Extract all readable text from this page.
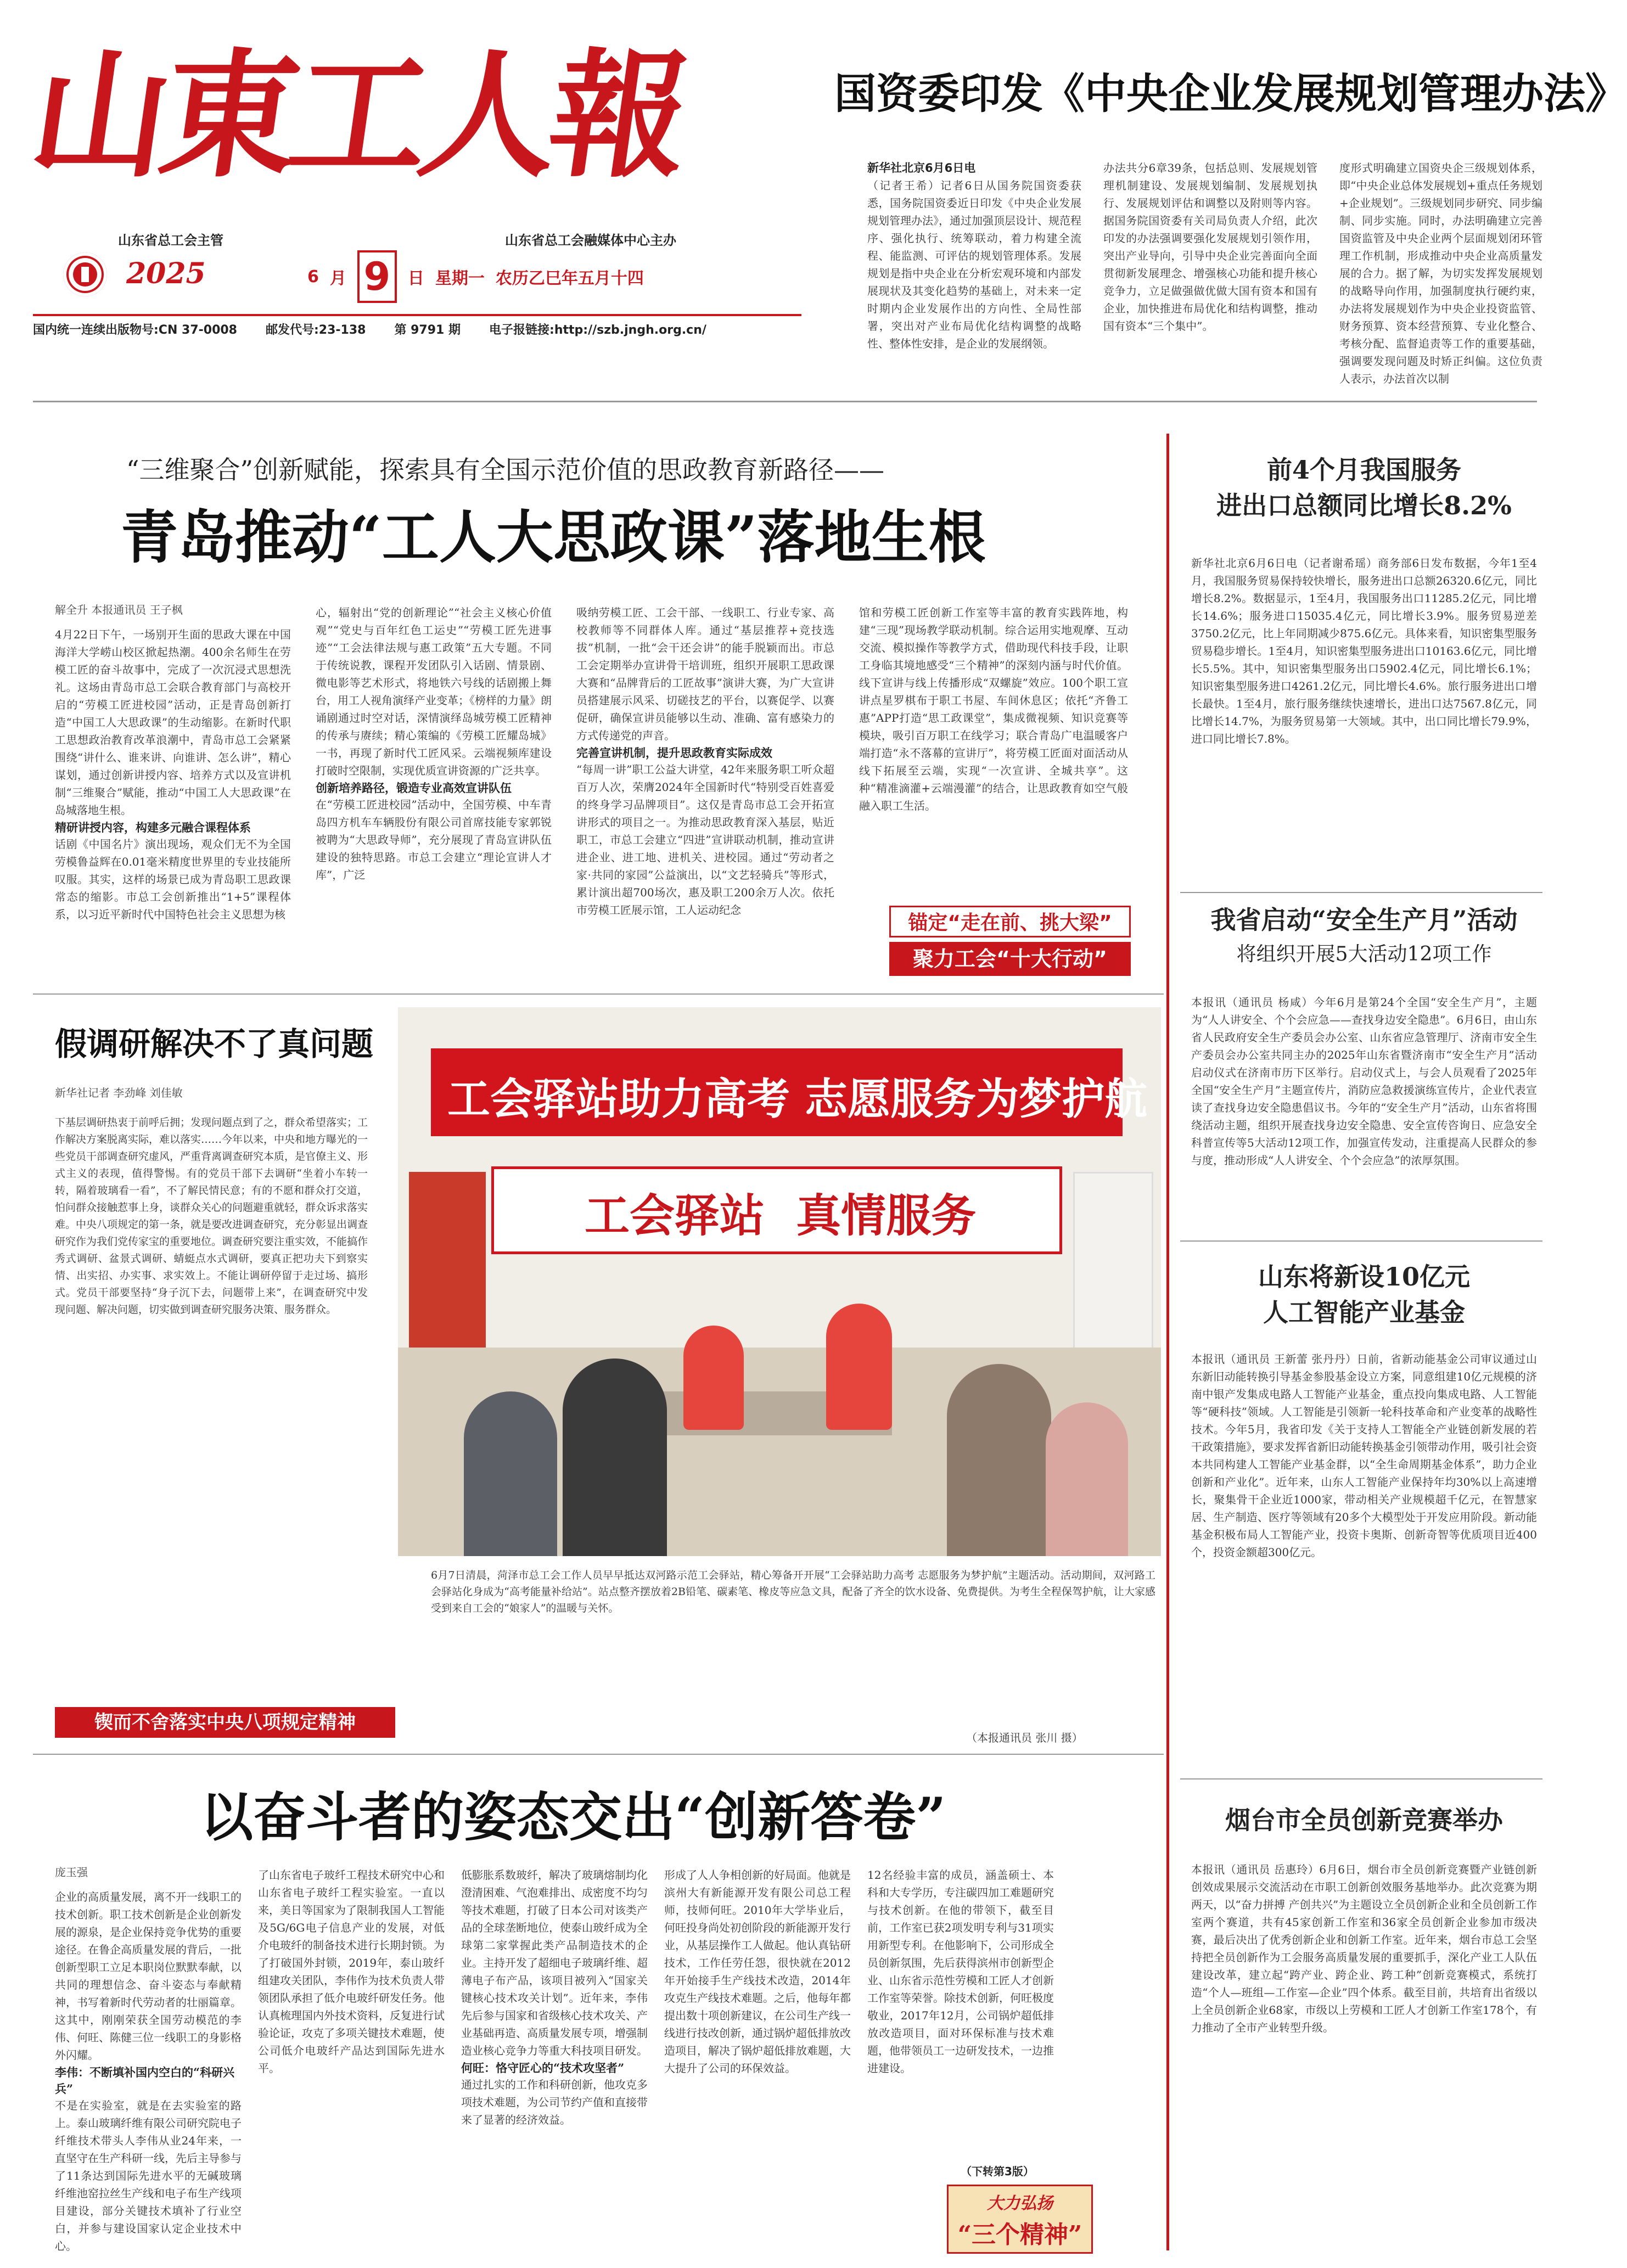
山東工人報
山东省总工会主管	山东省总工会融媒体中心主办
2025	6 月 9	日 星期一 农历乙巳年五月十四
国内统一连续出版物号:CN 37-0008 邮发代号:23-138 第 9791 期 电子报链接:http://szb.jngh.org.cn/
国资委印发《中央企业发展规划管理办法》
新华社北京6月6日电
（记者王希）记者6日从国务院国资委获悉，国务院国资委近日印发《中央企业发展规划管理办法》，通过加强顶层设计、规范程序、强化执行、统筹联动，着力构建全流程、能监测、可评估的规划管理体系。发展规划是指中央企业在分析宏观环境和内部发展现状及其变化趋势的基础上，对未来一定时期内企业发展作出的方向性、全局性部署，突出对产业布局优化结构调整的战略性、整体性安排，是企业的发展纲领。
办法共分6章39条，包括总则、发展规划管理机制建设、发展规划编制、发展规划执行、发展规划评估和调整以及附则等内容。据国务院国资委有关司局负责人介绍，此次印发的办法强调要强化发展规划引领作用，突出产业导向，引导中央企业完善面向全面贯彻新发展理念、增强核心功能和提升核心竞争力，立足做强做优做大国有资本和国有企业，加快推进布局优化和结构调整，推动国有资本“三个集中”。
度形式明确建立国资央企三级规划体系，即“中央企业总体发展规划+重点任务规划+企业规划”。三级规划同步研究、同步编制、同步实施。同时，办法明确建立完善国资监管及中央企业两个层面规划闭环管理工作机制，形成推动中央企业高质量发展的合力。据了解，为切实发挥发展规划的战略导向作用，加强制度执行硬约束，办法将发展规划作为中央企业投资监管、财务预算、资本经营预算、专业化整合、考核分配、监督追责等工作的重要基础，强调要发现问题及时矫正纠偏。这位负责人表示，办法首次以制
“三维聚合”创新赋能，探索具有全国示范价值的思政教育新路径——
青岛推动“工人大思政课”落地生根
解全升 本报通讯员 王子枫
4月22日下午，一场别开生面的思政大课在中国海洋大学崂山校区掀起热潮。400余名师生在劳模工匠的奋斗故事中，完成了一次沉浸式思想洗礼。这场由青岛市总工会联合教育部门与高校开启的“劳模工匠进校园”活动，正是青岛创新打造“中国工人大思政课”的生动缩影。在新时代职工思想政治教育改革浪潮中，青岛市总工会紧紧围绕“讲什么、谁来讲、向谁讲、怎么讲”，精心谋划，通过创新讲授内容、培养方式以及宣讲机制“三维聚合”赋能，推动“中国工人大思政课”在岛城落地生根。
精研讲授内容，构建多元融合课程体系
话剧《中国名片》演出现场，观众们无不为全国劳模鲁益辉在0.01毫米精度世界里的专业技能所叹服。其实，这样的场景已成为青岛职工思政课常态的缩影。市总工会创新推出“1+5”课程体系，以习近平新时代中国特色社会主义思想为核
心，辐射出“党的创新理论”“社会主义核心价值观”“党史与百年红色工运史”“劳模工匠先进事迹”“工会法律法规与惠工政策”五大专题。不同于传统说教，课程开发团队引入话剧、情景剧、微电影等艺术形式，将地铁六号线的话剧搬上舞台，用工人视角演绎产业变革；《榜样的力量》朗诵剧通过时空对话，深情演绎岛城劳模工匠精神的传承与赓续；精心策编的《劳模工匠耀岛城》一书，再现了新时代工匠风采。云端视频库建设打破时空限制，实现优质宣讲资源的广泛共享。
创新培养路径，锻造专业高效宣讲队伍
在“劳模工匠进校园”活动中，全国劳模、中车青岛四方机车车辆股份有限公司首席技能专家郭锐被聘为“大思政导师”，充分展现了青岛宣讲队伍建设的独特思路。市总工会建立“理论宣讲人才库”，广泛
吸纳劳模工匠、工会干部、一线职工、行业专家、高校教师等不同群体人库。通过“基层推荐+竞技选拔”机制，一批“会干还会讲”的能手脱颖而出。市总工会定期举办宣讲骨干培训班，组织开展职工思政课大赛和“品牌背后的工匠故事”演讲大赛，为广大宣讲员搭建展示风采、切磋技艺的平台，以赛促学、以赛促研，确保宣讲员能够以生动、准确、富有感染力的方式传递党的声音。
完善宣讲机制，提升思政教育实际成效
“每周一讲”职工公益大讲堂，42年来服务职工听众超百万人次，荣膺2024年全国新时代“特别受百姓喜爱的终身学习品牌项目”。这仅是青岛市总工会开拓宣讲形式的项目之一。为推动思政教育深入基层，贴近职工，市总工会建立“四进”宣讲联动机制，推动宣讲进企业、进工地、进机关、进校园。通过“劳动者之家·共同的家园”公益演出，以“文艺轻骑兵”等形式，累计演出超700场次，惠及职工200余万人次。依托市劳模工匠展示馆，工人运动纪念
馆和劳模工匠创新工作室等丰富的教育实践阵地，构建“三现”现场教学联动机制。综合运用实地观摩、互动交流、模拟操作等教学方式，借助现代科技手段，让职工身临其境地感受“三个精神”的深刻内涵与时代价值。线下宣讲与线上传播形成“双螺旋”效应。100个职工宣讲点星罗棋布于职工书屋、车间休息区；依托“齐鲁工惠”APP打造“思工政课堂”，集成微视频、知识竞赛等模块，吸引百万职工在线学习；联合青岛广电温暖客户端打造“永不落幕的宣讲厅”，将劳模工匠面对面活动从线下拓展至云端，实现“一次宣讲、全城共享”。这种“精准滴灌+云端漫灌”的结合，让思政教育如空气般融入职工生活。
锚定“走在前、挑大梁”
聚力工会“十大行动”
假调研解决不了真问题
新华社记者 李劲峰 刘佳敏
下基层调研热衷于前呼后拥；发现问题点到了之，群众希望落实；工作解决方案脱离实际，难以落实……今年以来，中央和地方曝光的一些党员干部调查研究虚风，严重背离调查研究本质，是官僚主义、形式主义的表现，值得警惕。有的党员干部下去调研“坐着小车转一转，隔着玻璃看一看”，不了解民情民意；有的不愿和群众打交道，怕问群众接触惹事上身，谈群众关心的问题避重就轻，群众诉求落实难。中央八项规定的第一条，就是要改进调查研究，充分彰显出调查研究作为我们党传家宝的重要地位。调查研究要注重实效，不能搞作秀式调研、盆景式调研、蜻蜓点水式调研，要真正把功夫下到察实情、出实招、办实事、求实效上。不能让调研停留于走过场、搞形式。党员干部要坚持“身子沉下去，问题带上来”，在调查研究中发现问题、解决问题，切实做到调查研究服务决策、服务群众。
锲而不舍落实中央八项规定精神
工会驿站助力高考 志愿服务为梦护航
工会驿站  真情服务
6月7日清晨，菏泽市总工会工作人员早早抵达双河路示范工会驿站，精心筹备开开展“工会驿站助力高考 志愿服务为梦护航”主题活动。活动期间，双河路工会驿站化身成为“高考能量补给站”。站点整齐摆放着2B铅笔、碳素笔、橡皮等应急文具，配备了齐全的饮水设备、免费提供。为考生全程保驾护航，让大家感受到来自工会的“娘家人”的温暖与关怀。
（本报通讯员 张川 摄）
以奋斗者的姿态交出“创新答卷”
庞玉强
企业的高质量发展，离不开一线职工的技术创新。职工技术创新是企业创新发展的源泉，是企业保持竞争优势的重要途径。在鲁企高质量发展的背后，一批创新型职工立足本职岗位默默奉献，以共同的理想信念、奋斗姿态与奉献精神，书写着新时代劳动者的壮丽篇章。这其中，刚刚荣获全国劳动模范的李伟、何旺、陈健三位一线职工的身影格外闪耀。
李伟：不断填补国内空白的“科研兴兵”
不是在实验室，就是在去实验室的路上。泰山玻璃纤维有限公司研究院电子纤维技术带头人李伟从业24年来，一直坚守在生产科研一线，先后主导参与了11条达到国际先进水平的无碱玻璃纤维池窑拉丝生产线和电子布生产线项目建设，部分关键技术填补了行业空白，并参与建设国家认定企业技术中心。
了山东省电子玻纤工程技术研究中心和山东省电子玻纤工程实验室。一直以来，美日等国家为了限制我国人工智能及5G/6G电子信息产业的发展，对低介电玻纤的制备技术进行长期封锁。为了打破国外封锁，2019年，泰山玻纤组建攻关团队，李伟作为技术负责人带领团队承担了低介电玻纤研发任务。他认真梳理国内外技术资料，反复进行试验论证，攻克了多项关键技术难题，使公司低介电玻纤产品达到国际先进水平。
低膨胀系数玻纤，解决了玻璃熔制均化澄清困难、气泡难排出、成密度不均匀等技术难题，打破了日本公司对该类产品的全球垄断地位，使泰山玻纤成为全球第二家掌握此类产品制造技术的企业。主持开发了超细电子玻璃纤维、超薄电子布产品，该项目被列入“国家关键核心技术攻关计划”。近年来，李伟先后参与国家和省级核心技术攻关、产业基础再造、高质量发展专项，增强制造业核心竞争力等重大科技项目研发。
何旺：恪守匠心的“技术攻坚者”
通过扎实的工作和科研创新，他攻克多项技术难题，为公司节约产值和直接带来了显著的经济效益。
形成了人人争相创新的好局面。他就是滨州大有新能源开发有限公司总工程师，技师何旺。2010年大学毕业后，何旺投身尚处初创阶段的新能源开发行业，从基层操作工人做起。他认真钻研技术，工作任劳任怨，很快就在2012年开始接手生产线技术改造，2014年攻克生产线技术难题。之后，他每年都提出数十项创新建议，在公司生产线一线进行技改创新，通过锅炉超低排放改造项目，解决了锅炉超低排放难题，大大提升了公司的环保效益。
12名经验丰富的成员，涵盖硕士、本科和大专学历，专注碳四加工难题研究与技术创新。在他的带领下，截至目前，工作室已获2项发明专利与31项实用新型专利。在他影响下，公司形成全员创新氛围，先后获得滨州市创新型企业、山东省示范性劳模和工匠人才创新工作室等荣誉。除技术创新，何旺极度敬业，2017年12月，公司锅炉超低排放改造项目，面对环保标准与技术难题，他带领员工一边研发技术，一边推进建设。
（下转第3版）
大力弘扬
“三个精神”
前4个月我国服务
进出口总额同比增长8.2%
新华社北京6月6日电（记者谢希瑶）商务部6日发布数据，今年1至4月，我国服务贸易保持较快增长，服务进出口总额26320.6亿元，同比增长8.2%。数据显示，1至4月，我国服务出口11285.2亿元，同比增长14.6%；服务进口15035.4亿元，同比增长3.9%。服务贸易逆差3750.2亿元，比上年同期减少875.6亿元。具体来看，知识密集型服务贸易稳步增长。1至4月，知识密集型服务进出口10163.6亿元，同比增长5.5%。其中，知识密集型服务出口5902.4亿元，同比增长6.1%；知识密集型服务进口4261.2亿元，同比增长4.6%。旅行服务进出口增长最快。1至4月，旅行服务继续快速增长，进出口达7567.8亿元，同比增长14.7%，为服务贸易第一大领域。其中，出口同比增长79.9%，进口同比增长7.8%。
我省启动“安全生产月”活动
将组织开展5大活动12项工作
本报讯（通讯员 杨咸）今年6月是第24个全国“安全生产月”，主题为“人人讲安全、个个会应急——查找身边安全隐患”。6月6日，由山东省人民政府安全生产委员会办公室、山东省应急管理厅、济南市安全生产委员会办公室共同主办的2025年山东省暨济南市“安全生产月”活动启动仪式在济南市历下区举行。启动仪式上，与会人员观看了2025年全国“安全生产月”主题宣传片，消防应急救援演练宣传片，企业代表宣读了查找身边安全隐患倡议书。今年的“安全生产月”活动，山东省将围绕活动主题，组织开展查找身边安全隐患、安全宣传咨询日、应急安全科普宣传等5大活动12项工作，加强宣传发动，注重提高人民群众的参与度，推动形成“人人讲安全、个个会应急”的浓厚氛围。
山东将新设10亿元
人工智能产业基金
本报讯（通讯员 王新蕾 张丹丹）日前，省新动能基金公司审议通过山东新旧动能转换引导基金参股基金设立方案，同意组建10亿元规模的济南中银产发集成电路人工智能产业基金，重点投向集成电路、人工智能等“硬科技”领域。人工智能是引领新一轮科技革命和产业变革的战略性技术。今年5月，我省印发《关于支持人工智能全产业链创新发展的若干政策措施》，要求发挥省新旧动能转换基金引领带动作用，吸引社会资本共同构建人工智能产业基金群，以“全生命周期基金体系”，助力企业创新和产业化”。近年来，山东人工智能产业保持年均30%以上高速增长，聚集骨干企业近1000家，带动相关产业规模超千亿元，在智慧家居、生产制造、医疗等领域有20多个大模型处于开发应用阶段。新动能基金积极布局人工智能产业，投资卡奥斯、创新奇智等优质项目近400个，投资金额超300亿元。
烟台市全员创新竞赛举办
本报讯（通讯员 岳惠玲）6月6日，烟台市全员创新竞赛暨产业链创新创效成果展示交流活动在市职工创新创效服务基地举办。此次竞赛为期两天，以“奋力拼搏 产创共兴”为主题设立全员创新企业和全员创新工作室两个赛道，共有45家创新工作室和36家全员创新企业参加市级决赛，最后决出了优秀创新企业和创新工作室。近年来，烟台市总工会坚持把全员创新作为工会服务高质量发展的重要抓手，深化产业工人队伍建设改革，建立起“跨产业、跨企业、跨工种”创新竞赛模式，系统打造“个人—班组—工作室—企业”四个体系。截至目前，共培育出省级以上全员创新企业68家，市级以上劳模和工匠人才创新工作室178个，有力推动了全市产业转型升级。
